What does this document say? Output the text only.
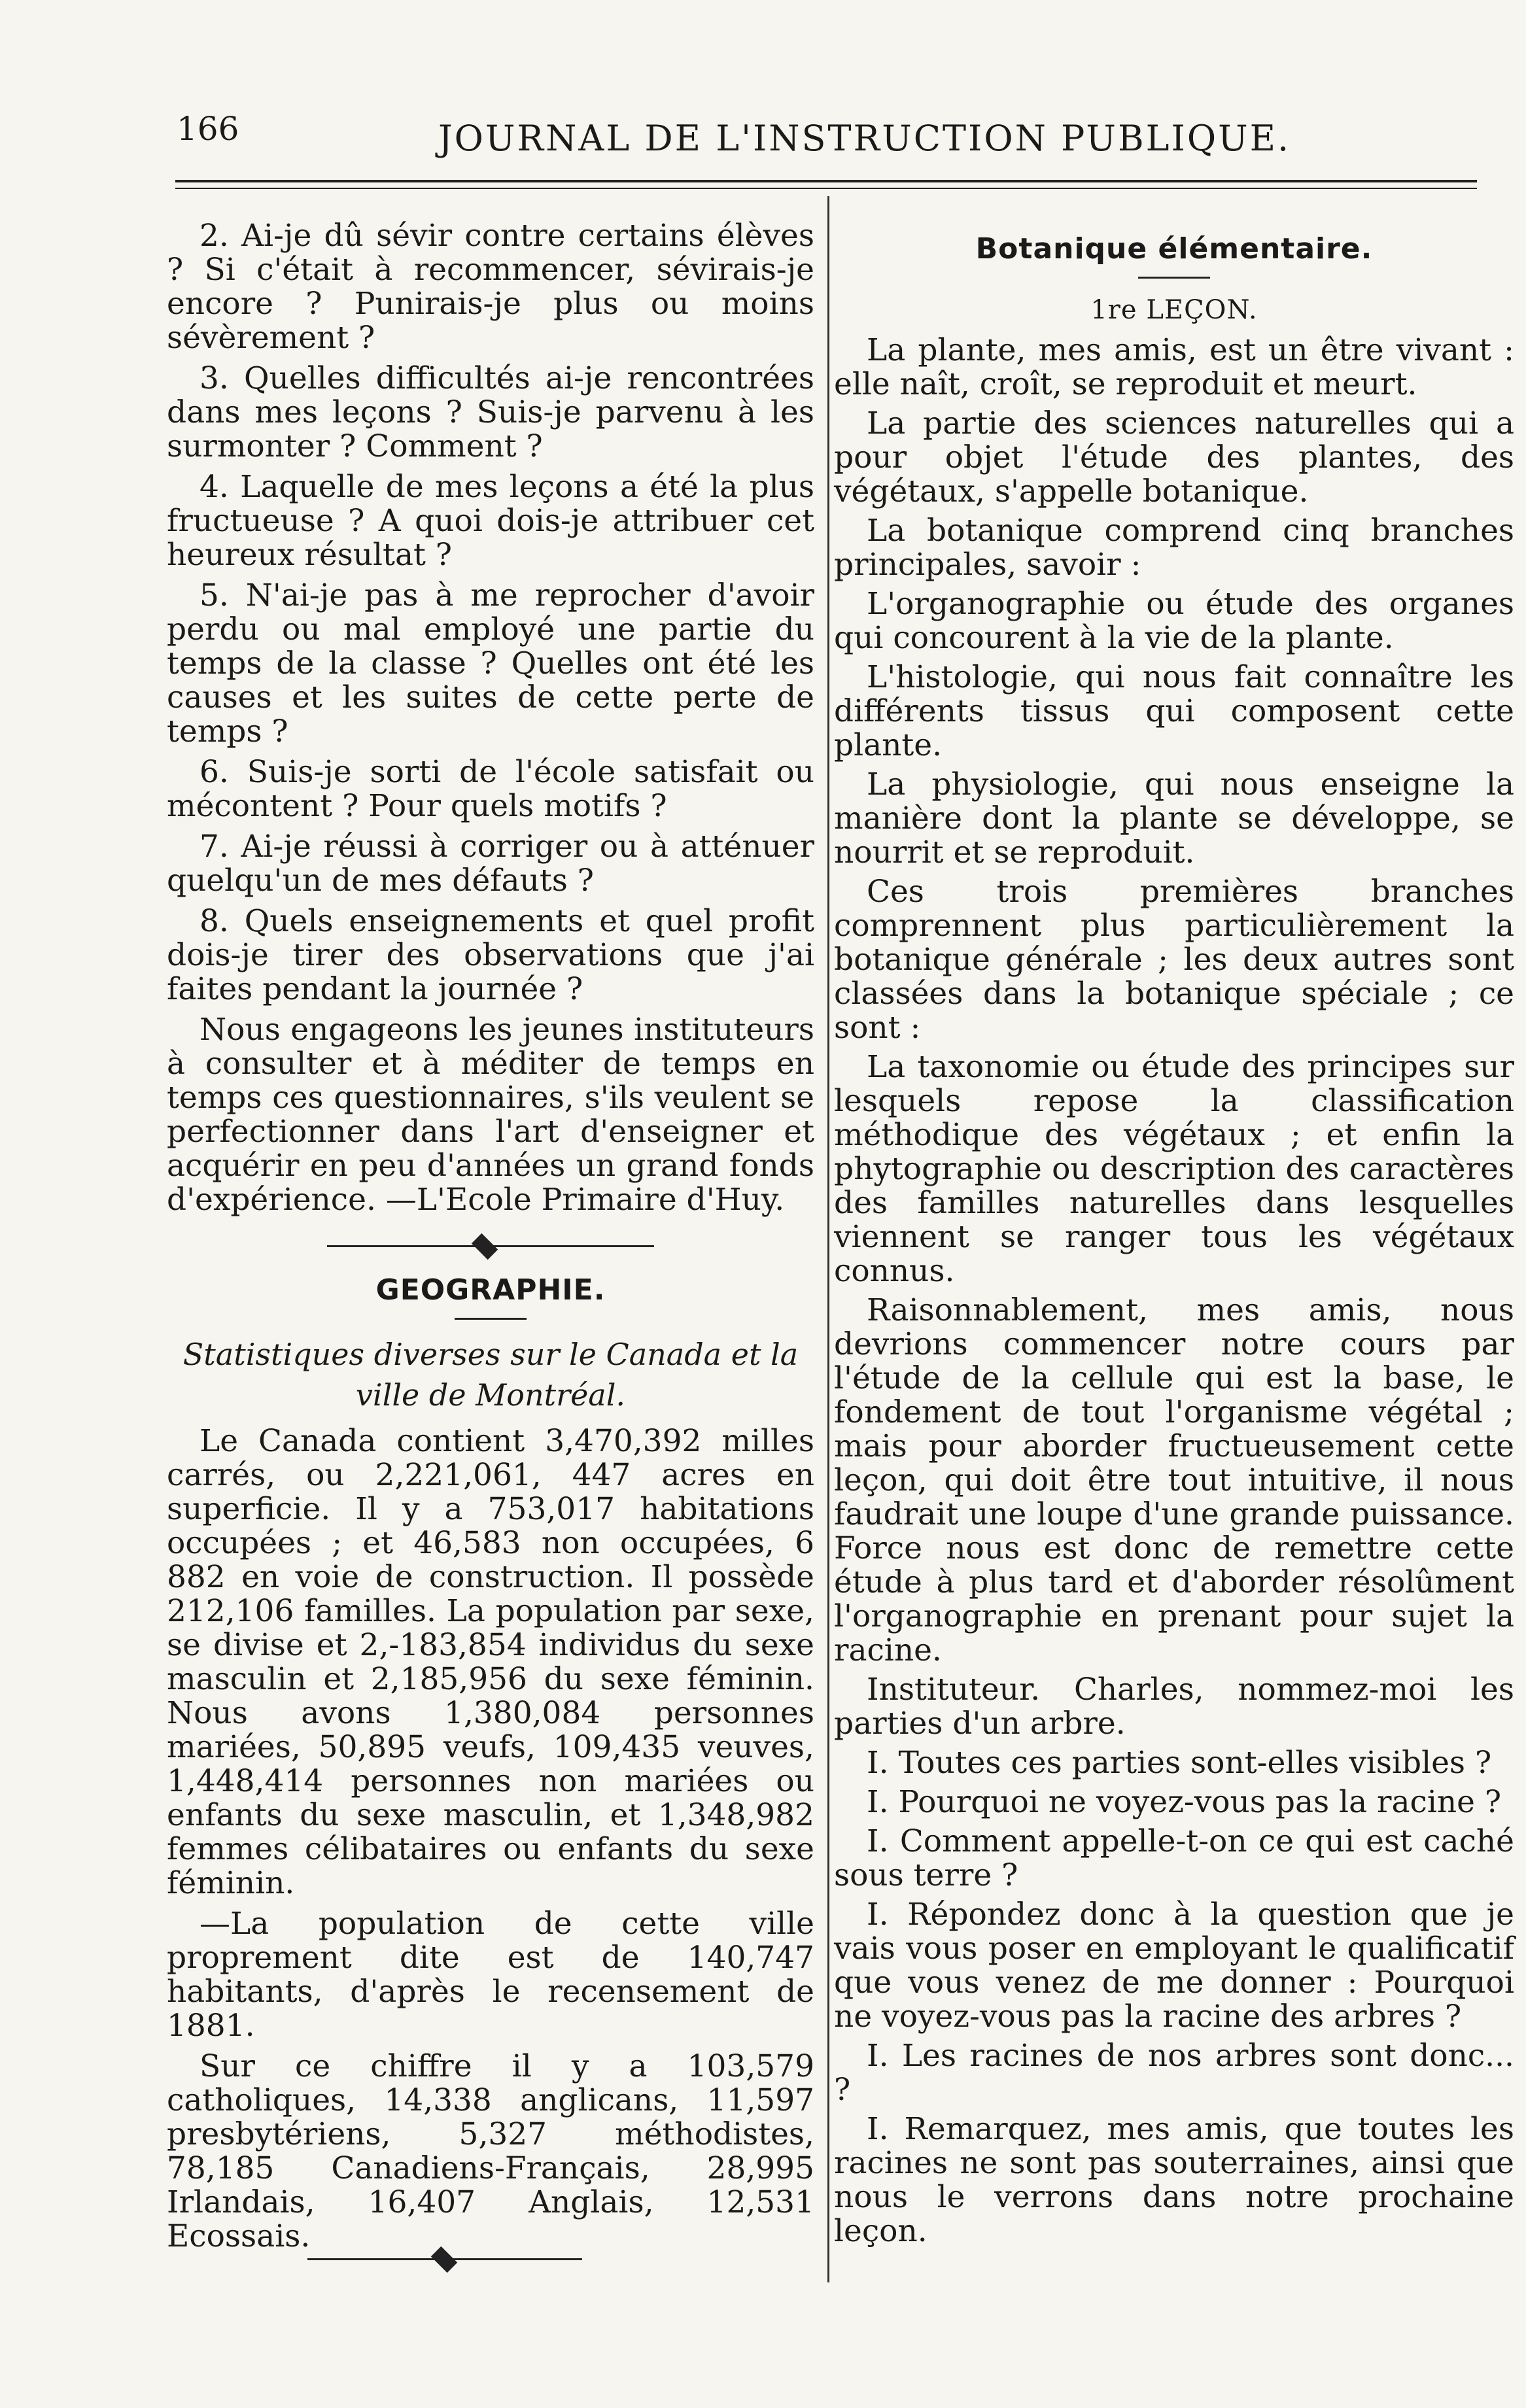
166	JOURNAL DE L'INSTRUCTION PUBLIQUE.

2. Ai-je dû sévir contre certains élèves ? Si c'était à recommencer, sévirais-je encore ? Punirais-je plus ou moins sévèrement ?

3. Quelles difficultés ai-je rencontrées dans mes leçons ? Suis-je parvenu à les surmonter ? Comment ?

4. Laquelle de mes leçons a été la plus fructueuse ? A quoi dois-je attribuer cet heureux résultat ?

5. N'ai-je pas à me reprocher d'avoir perdu ou mal employé une partie du temps de la classe ? Quelles ont été les causes et les suites de cette perte de temps ?

6. Suis-je sorti de l'école satisfait ou mécontent ? Pour quels motifs ?

7. Ai-je réussi à corriger ou à atténuer quelqu'un de mes défauts ?

8. Quels enseignements et quel profit dois-je tirer des observations que j'ai faites pendant la journée ?

Nous engageons les jeunes instituteurs à consulter et à méditer de temps en temps ces questionnaires, s'ils veulent se perfectionner dans l'art d'enseigner et acquérir en peu d'années un grand fonds d'expérience. —L'Ecole Primaire d'Huy.

GEOGRAPHIE.
Statistiques diverses sur le Canada et la ville de Montréal.

Le Canada contient 3,470,392 milles carrés, ou 2,221,061, 447 acres en superficie. Il y a 753,017 habitations occupées ; et 46,583 non occupées, 6 882 en voie de construction. Il possède 212,106 familles. La population par sexe, se divise et 2,-183,854 individus du sexe masculin et 2,185,956 du sexe féminin. Nous avons 1,380,084 personnes mariées, 50,895 veufs, 109,435 veuves, 1,448,414 personnes non mariées ou enfants du sexe masculin, et 1,348,982 femmes célibataires ou enfants du sexe féminin.

—La population de cette ville proprement dite est de 140,747 habitants, d'après le recensement de 1881.

Sur ce chiffre il y a 103,579 catholiques, 14,338 anglicans, 11,597 presbytériens, 5,327 méthodistes, 78,185 Canadiens-Français, 28,995 Irlandais, 16,407 Anglais, 12,531 Ecossais.

Botanique élémentaire.
1re LEÇON.

La plante, mes amis, est un être vivant : elle naît, croît, se reproduit et meurt.

La partie des sciences naturelles qui a pour objet l'étude des plantes, des végétaux, s'appelle botanique.

La botanique comprend cinq branches principales, savoir :

L'organographie ou étude des organes qui concourent à la vie de la plante.

L'histologie, qui nous fait connaître les différents tissus qui composent cette plante.

La physiologie, qui nous enseigne la manière dont la plante se développe, se nourrit et se reproduit.

Ces trois premières branches comprennent plus particulièrement la botanique générale ; les deux autres sont classées dans la botanique spéciale ; ce sont :

La taxonomie ou étude des principes sur lesquels repose la classification méthodique des végétaux ; et enfin la phytographie ou description des caractères des familles naturelles dans lesquelles viennent se ranger tous les végétaux connus.

Raisonnablement, mes amis, nous devrions commencer notre cours par l'étude de la cellule qui est la base, le fondement de tout l'organisme végétal ; mais pour aborder fructueusement cette leçon, qui doit être tout intuitive, il nous faudrait une loupe d'une grande puissance. Force nous est donc de remettre cette étude à plus tard et d'aborder résolûment l'organographie en prenant pour sujet la racine.

Instituteur. Charles, nommez-moi les parties d'un arbre.

I. Toutes ces parties sont-elles visibles ?

I. Pourquoi ne voyez-vous pas la racine ?

I. Comment appelle-t-on ce qui est caché sous terre ?

I. Répondez donc à la question que je vais vous poser en employant le qualificatif que vous venez de me donner : Pourquoi ne voyez-vous pas la racine des arbres ?

I. Les racines de nos arbres sont donc... ?

I. Remarquez, mes amis, que toutes les racines ne sont pas souterraines, ainsi que nous le verrons dans notre prochaine leçon.
